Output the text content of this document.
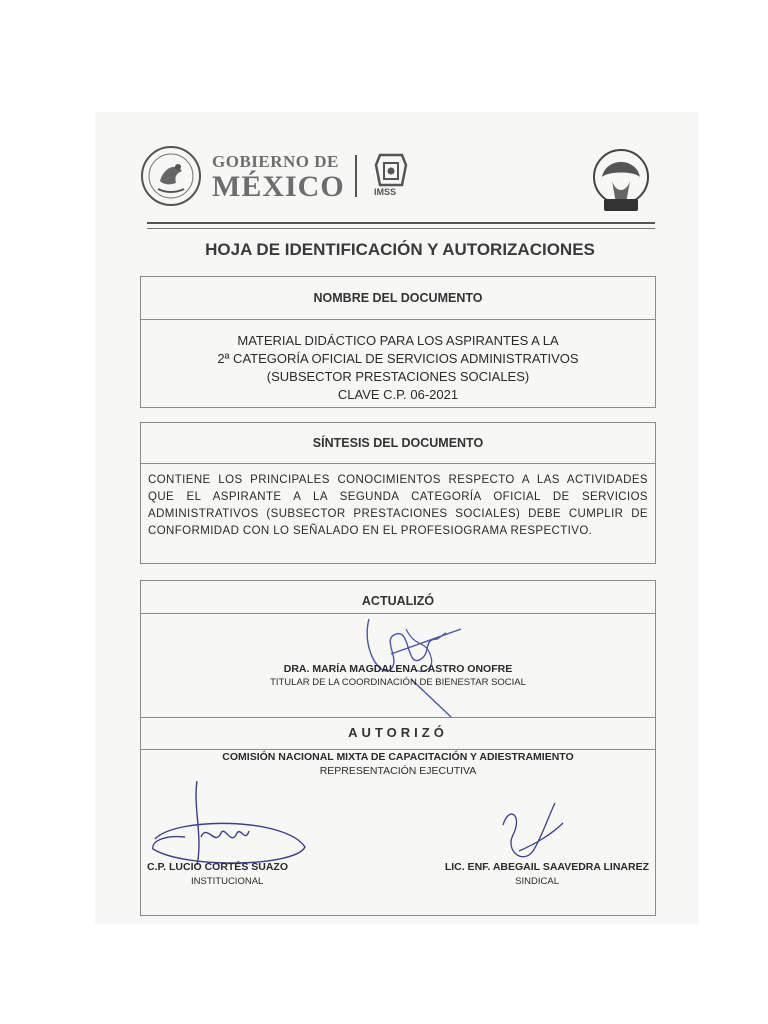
GOBIERNO DE
MÉXICO	IMSS
HOJA DE IDENTIFICACIÓN Y AUTORIZACIONES
NOMBRE DEL DOCUMENTO
MATERIAL DIDÁCTICO PARA LOS ASPIRANTES A LA
2ª CATEGORÍA OFICIAL DE SERVICIOS ADMINISTRATIVOS
(SUBSECTOR PRESTACIONES SOCIALES)
CLAVE C.P. 06-2021
SÍNTESIS DEL DOCUMENTO
CONTIENE LOS PRINCIPALES CONOCIMIENTOS RESPECTO A LAS ACTIVIDADES QUE EL ASPIRANTE A LA SEGUNDA CATEGORÍA OFICIAL DE SERVICIOS ADMINISTRATIVOS (SUBSECTOR PRESTACIONES SOCIALES) DEBE CUMPLIR DE CONFORMIDAD CON LO SEÑALADO EN EL PROFESIOGRAMA RESPECTIVO.
ACTUALIZÓ
DRA. MARÍA MAGDALENA CASTRO ONOFRE
TITULAR DE LA COORDINACIÓN DE BIENESTAR SOCIAL
AUTORIZÓ
COMISIÓN NACIONAL MIXTA DE CAPACITACIÓN Y ADIESTRAMIENTO
REPRESENTACIÓN EJECUTIVA
C.P. LUCIO CORTÉS SUAZO
INSTITUCIONAL
LIC. ENF. ABEGAIL SAAVEDRA LINAREZ
SINDICAL
